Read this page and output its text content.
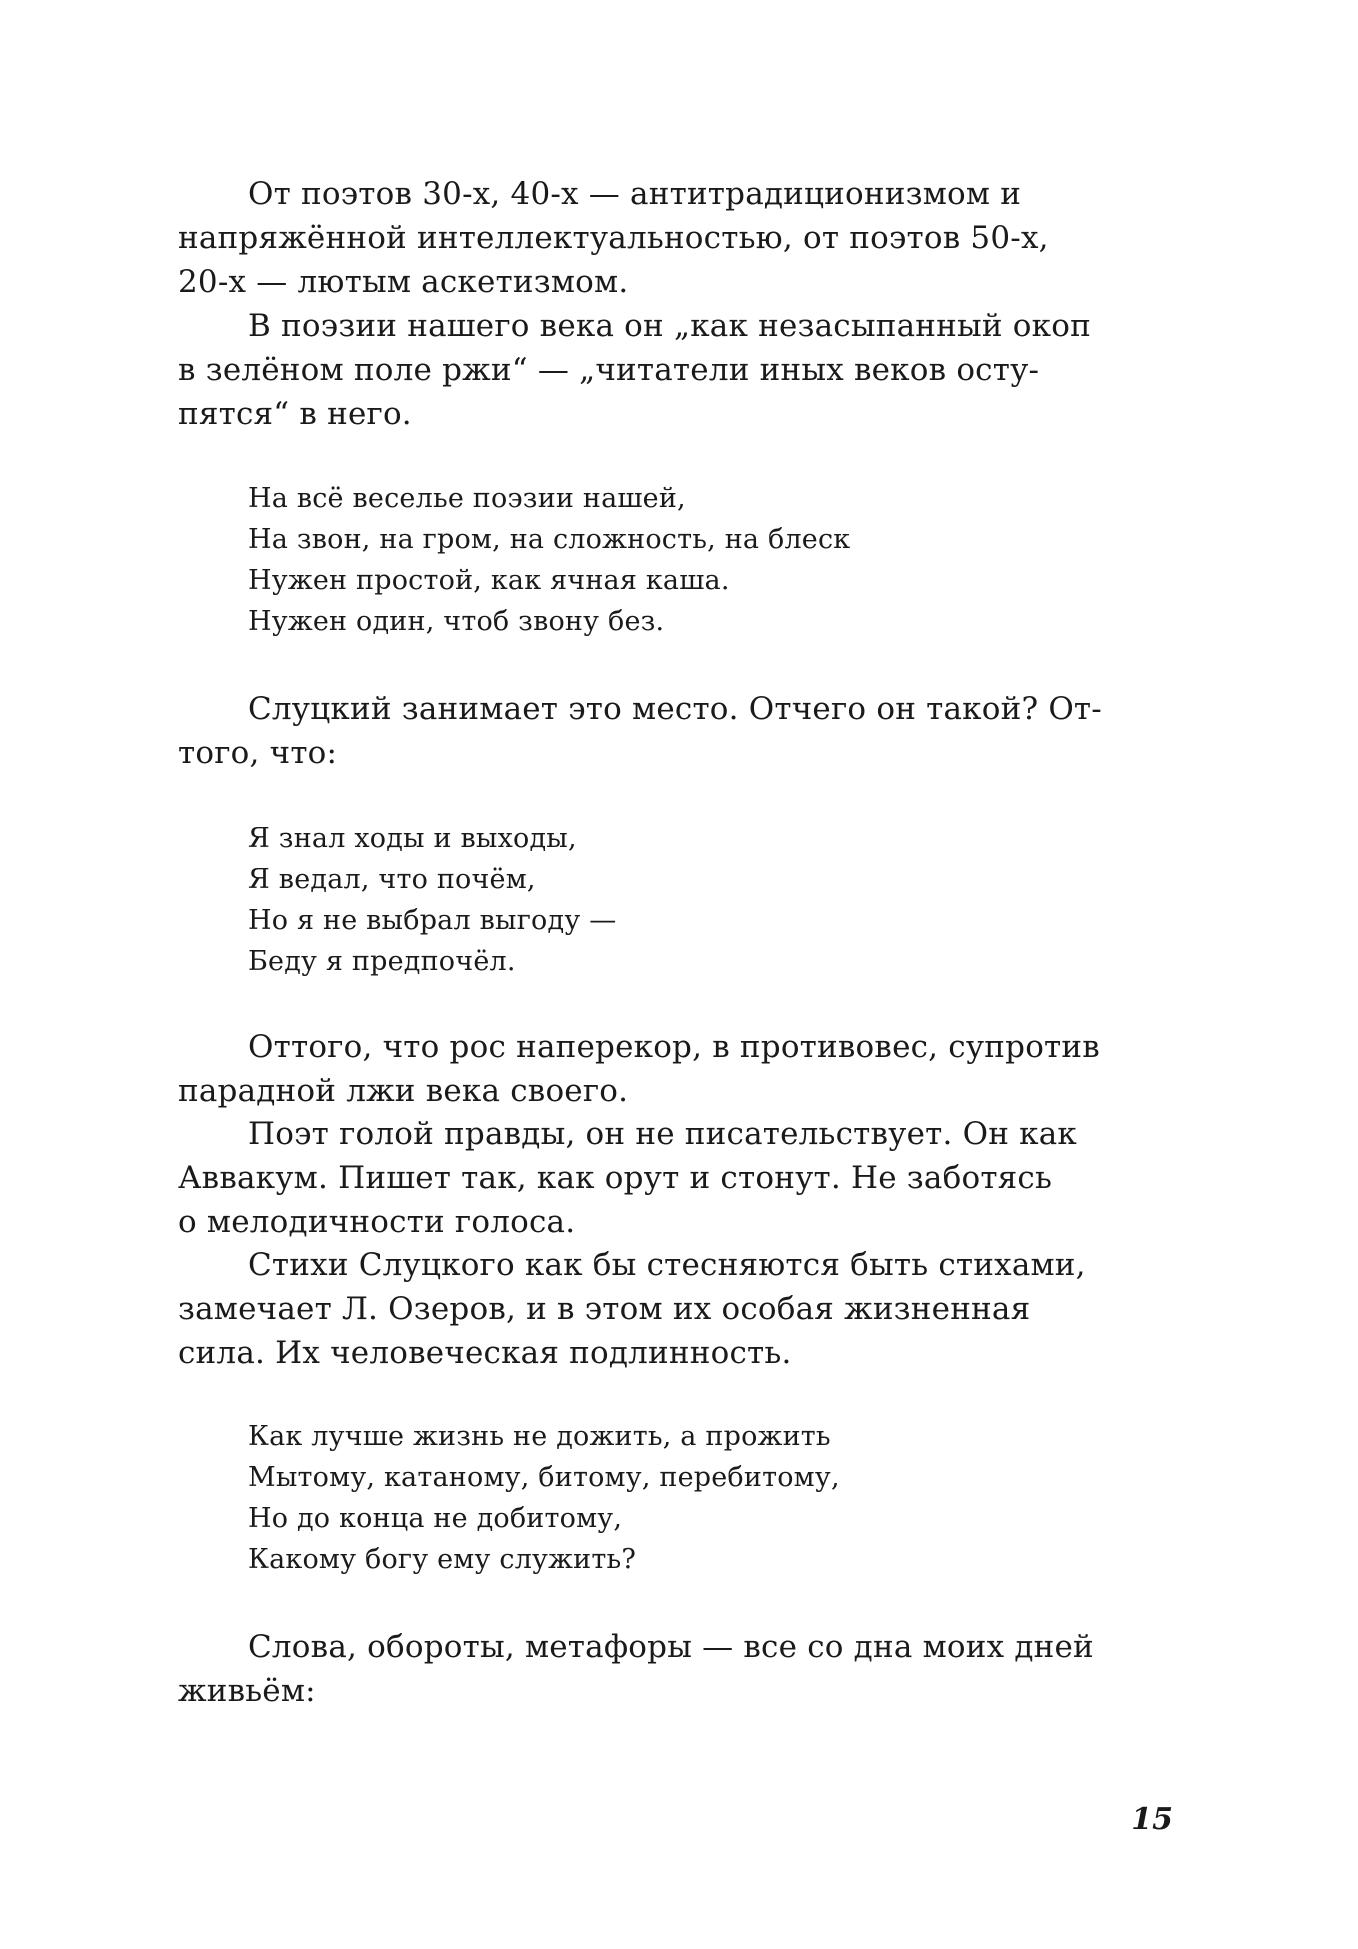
От поэтов 30-х, 40-х — антитрадиционизмом и

напряжённой интеллектуальностью, от поэтов 50-х,

20-х — лютым аскетизмом.

В поэзии нашего века он „как незасыпанный окоп

в зелёном поле ржи“ — „читатели иных веков осту-

пятся“ в него.

На всё веселье поэзии нашей,
На звон, на гром, на сложность, на блеск
Нужен простой, как ячная каша.
Нужен один, чтоб звону без.

Слуцкий занимает это место. Отчего он такой? От-

того, что:

Я знал ходы и выходы,
Я ведал, что почём,
Но я не выбрал выгоду —
Беду я предпочёл.

Оттого, что рос наперекор, в противовес, супротив

парадной лжи века своего.

Поэт голой правды, он не писательствует. Он как

Аввакум. Пишет так, как орут и стонут. Не заботясь

о мелодичности голоса.

Стихи Слуцкого как бы стесняются быть стихами,

замечает Л. Озеров, и в этом их особая жизненная

сила. Их человеческая подлинность.

Как лучше жизнь не дожить, а прожить
Мытому, катаному, битому, перебитому,
Но до конца не добитому,
Какому богу ему служить?

Слова, обороты, метафоры — все со дна моих дней

живьём:

15
